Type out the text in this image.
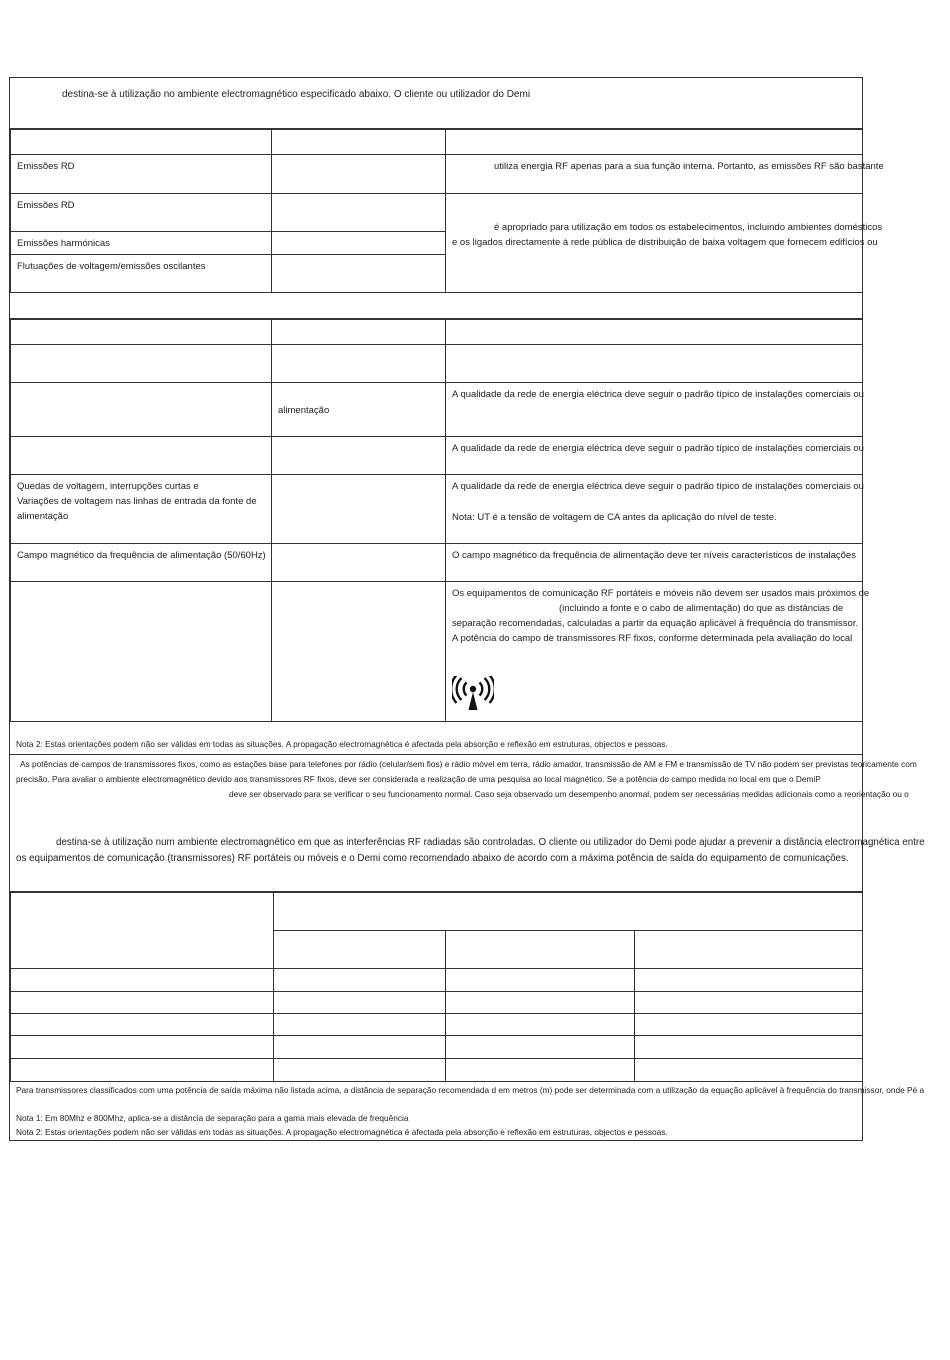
destina-se à utilização no ambiente electromagnético especificado abaixo. O cliente ou utilizador do Demi

Emissões RD		utiliza energia RF apenas para a sua função interna. Portanto, as emissões RF são bastante

Emissões RD		é apropriado para utilização em todos os estabelecimentos, incluindo ambientes domésticos
e os ligados directamente à rede pública de distribuição de baixa voltagem que fornecem edifícios ou

Emissões harmónicas		

Flutuações de voltagem/emissões oscilantes		

	alimentação	A qualidade da rede de energia eléctrica deve seguir o padrão típico de instalações comerciais ou

		A qualidade da rede de energia eléctrica deve seguir o padrão típico de instalações comerciais ou

Quedas de voltagem, interrupções curtas e
Variações de voltagem nas linhas de entrada da fonte de
alimentação		A qualidade da rede de energia eléctrica deve seguir o padrão típico de instalações comerciais ou
Nota: UT é a tensão de voltagem de CA antes da aplicação do nível de teste.

Campo magnético da frequência de alimentação (50/60Hz)		O campo magnético da frequência de alimentação deve ter níveis característicos de instalações

		Os equipamentos de comunicação RF portáteis e móveis não devem ser usados mais próximos de
(incluindo a fonte e o cabo de alimentação) do que as distâncias de
separação recomendadas, calculadas a partir da equação aplicável à frequência do transmissor.
A potência do campo de transmissores RF fixos, conforme determinada pela avaliação do local
Nota 2: Estas orientações podem não ser válidas em todas as situações. A propagação electromagnética é afectada pela absorção e reflexão em estruturas, objectos e pessoas.
As potências de campos de transmissores fixos, como as estações base para telefones por rádio (celular/sem fios) e rádio móvel em terra, rádio amador, transmissão de AM e FM e transmissão de TV não podem ser previstas teoricamente com
precisão. Para avaliar o ambiente electromagnético devido aos transmissores RF fixos, deve ser considerada a realização de uma pesquisa ao local magnético. Se a potência do campo medida no local em que o DemiP
deve ser observado para se verificar o seu funcionamento normal. Caso seja observado um desempenho anormal, podem ser necessárias medidas adicionais como a reorientação ou o
destina-se à utilização num ambiente electromagnético em que as interferências RF radiadas são controladas. O cliente ou utilizador do Demi pode ajudar a prevenir a distância electromagnética entre
os equipamentos de comunicação (transmissores) RF portáteis ou móveis e o Demi como recomendado abaixo de acordo com a máxima potência de saída do equipamento de comunicações.

Para transmissores classificados com uma potência de saída máxima não listada acima, a distância de separação recomendada d em metros (m) pode ser determinada com a utilização da equação aplicável à frequência do transmissor, onde Pé a
Nota 1: Em 80Mhz e 800Mhz, aplica-se a distância de separação para a gama mais elevada de frequência
Nota 2: Estas orientações podem não ser válidas em todas as situações. A propagação electromagnética é afectada pela absorção e reflexão em estruturas, objectos e pessoas.
